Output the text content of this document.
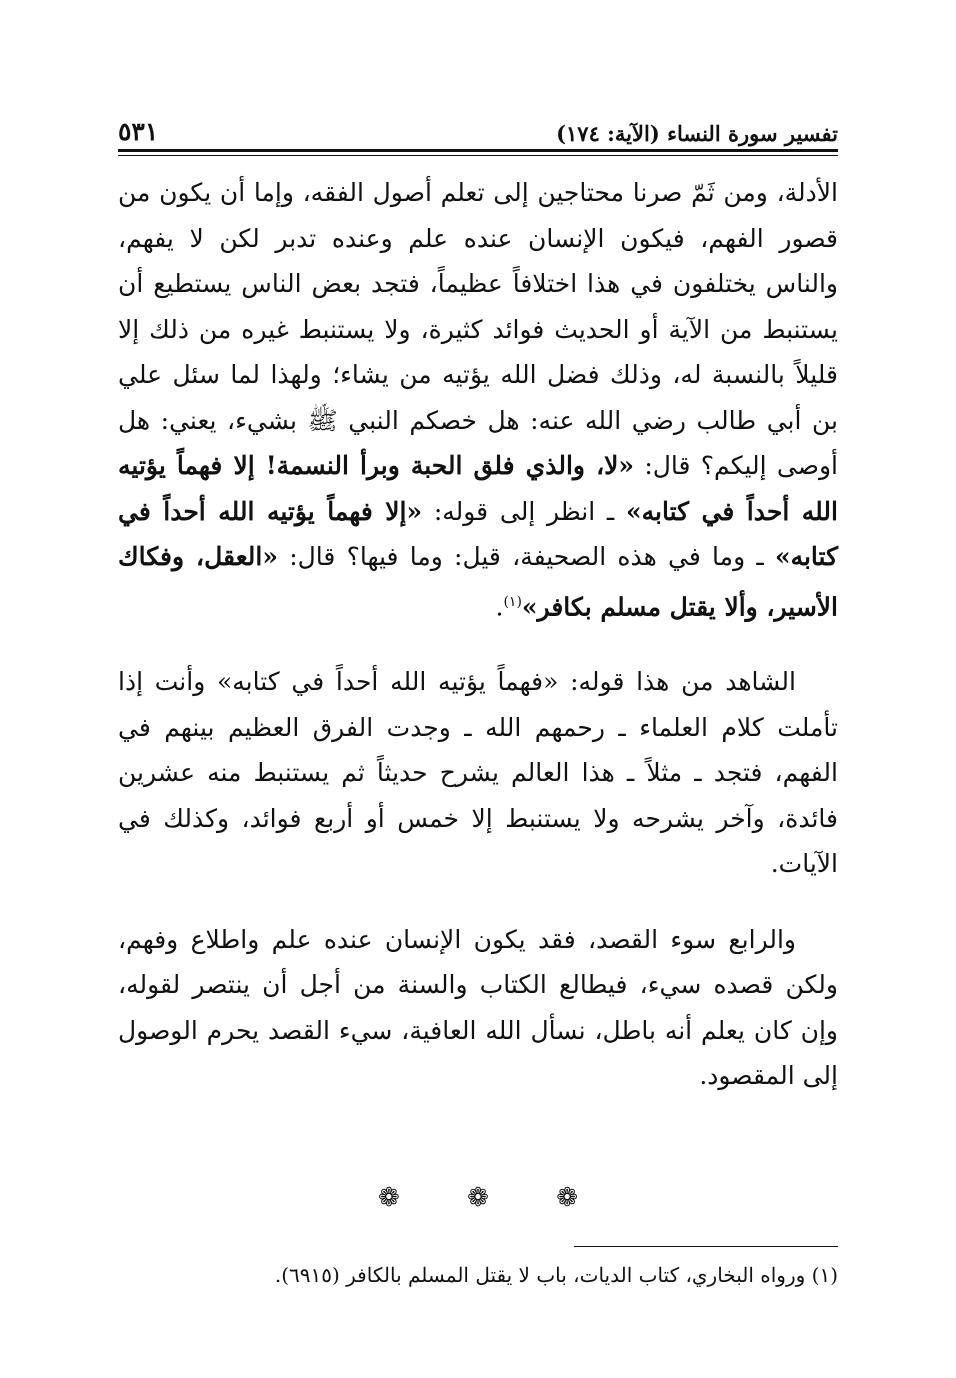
تفسير سورة النساء (الآية: ١٧٤)
٥٣١

الأدلة، ومن ثَمّ صرنا محتاجين إلى تعلم أصول الفقه، وإما أن يكون من قصور الفهم، فيكون الإنسان عنده علم وعنده تدبر لكن لا يفهم، والناس يختلفون في هذا اختلافاً عظيماً، فتجد بعض الناس يستطيع أن يستنبط من الآية أو الحديث فوائد كثيرة، ولا يستنبط غيره من ذلك إلا قليلاً بالنسبة له، وذلك فضل الله يؤتيه من يشاء؛ ولهذا لما سئل علي بن أبي طالب رضي الله عنه: هل خصكم النبي ﷺ بشيء، يعني: هل أوصى إليكم؟ قال: «لا، والذي فلق الحبة وبرأ النسمة! إلا فهماً يؤتيه الله أحداً في كتابه» ـ انظر إلى قوله: «إلا فهماً يؤتيه الله أحداً في كتابه» ـ وما في هذه الصحيفة، قيل: وما فيها؟ قال: «العقل، وفكاك الأسير، وألا يقتل مسلم بكافر»$^{(١)}$.

الشاهد من هذا قوله: «فهماً يؤتيه الله أحداً في كتابه» وأنت إذا تأملت كلام العلماء ـ رحمهم الله ـ وجدت الفرق العظيم بينهم في الفهم، فتجد ـ مثلاً ـ هذا العالم يشرح حديثاً ثم يستنبط منه عشرين فائدة، وآخر يشرحه ولا يستنبط إلا خمس أو أربع فوائد، وكذلك في الآيات.

والرابع سوء القصد، فقد يكون الإنسان عنده علم واطلاع وفهم، ولكن قصده سيء، فيطالع الكتاب والسنة من أجل أن ينتصر لقوله، وإن كان يعلم أنه باطل، نسأل الله العافية، سيء القصد يحرم الوصول إلى المقصود.

❁
❁
❁
(١) ورواه البخاري، كتاب الديات، باب لا يقتل المسلم بالكافر (٦٩١٥).
